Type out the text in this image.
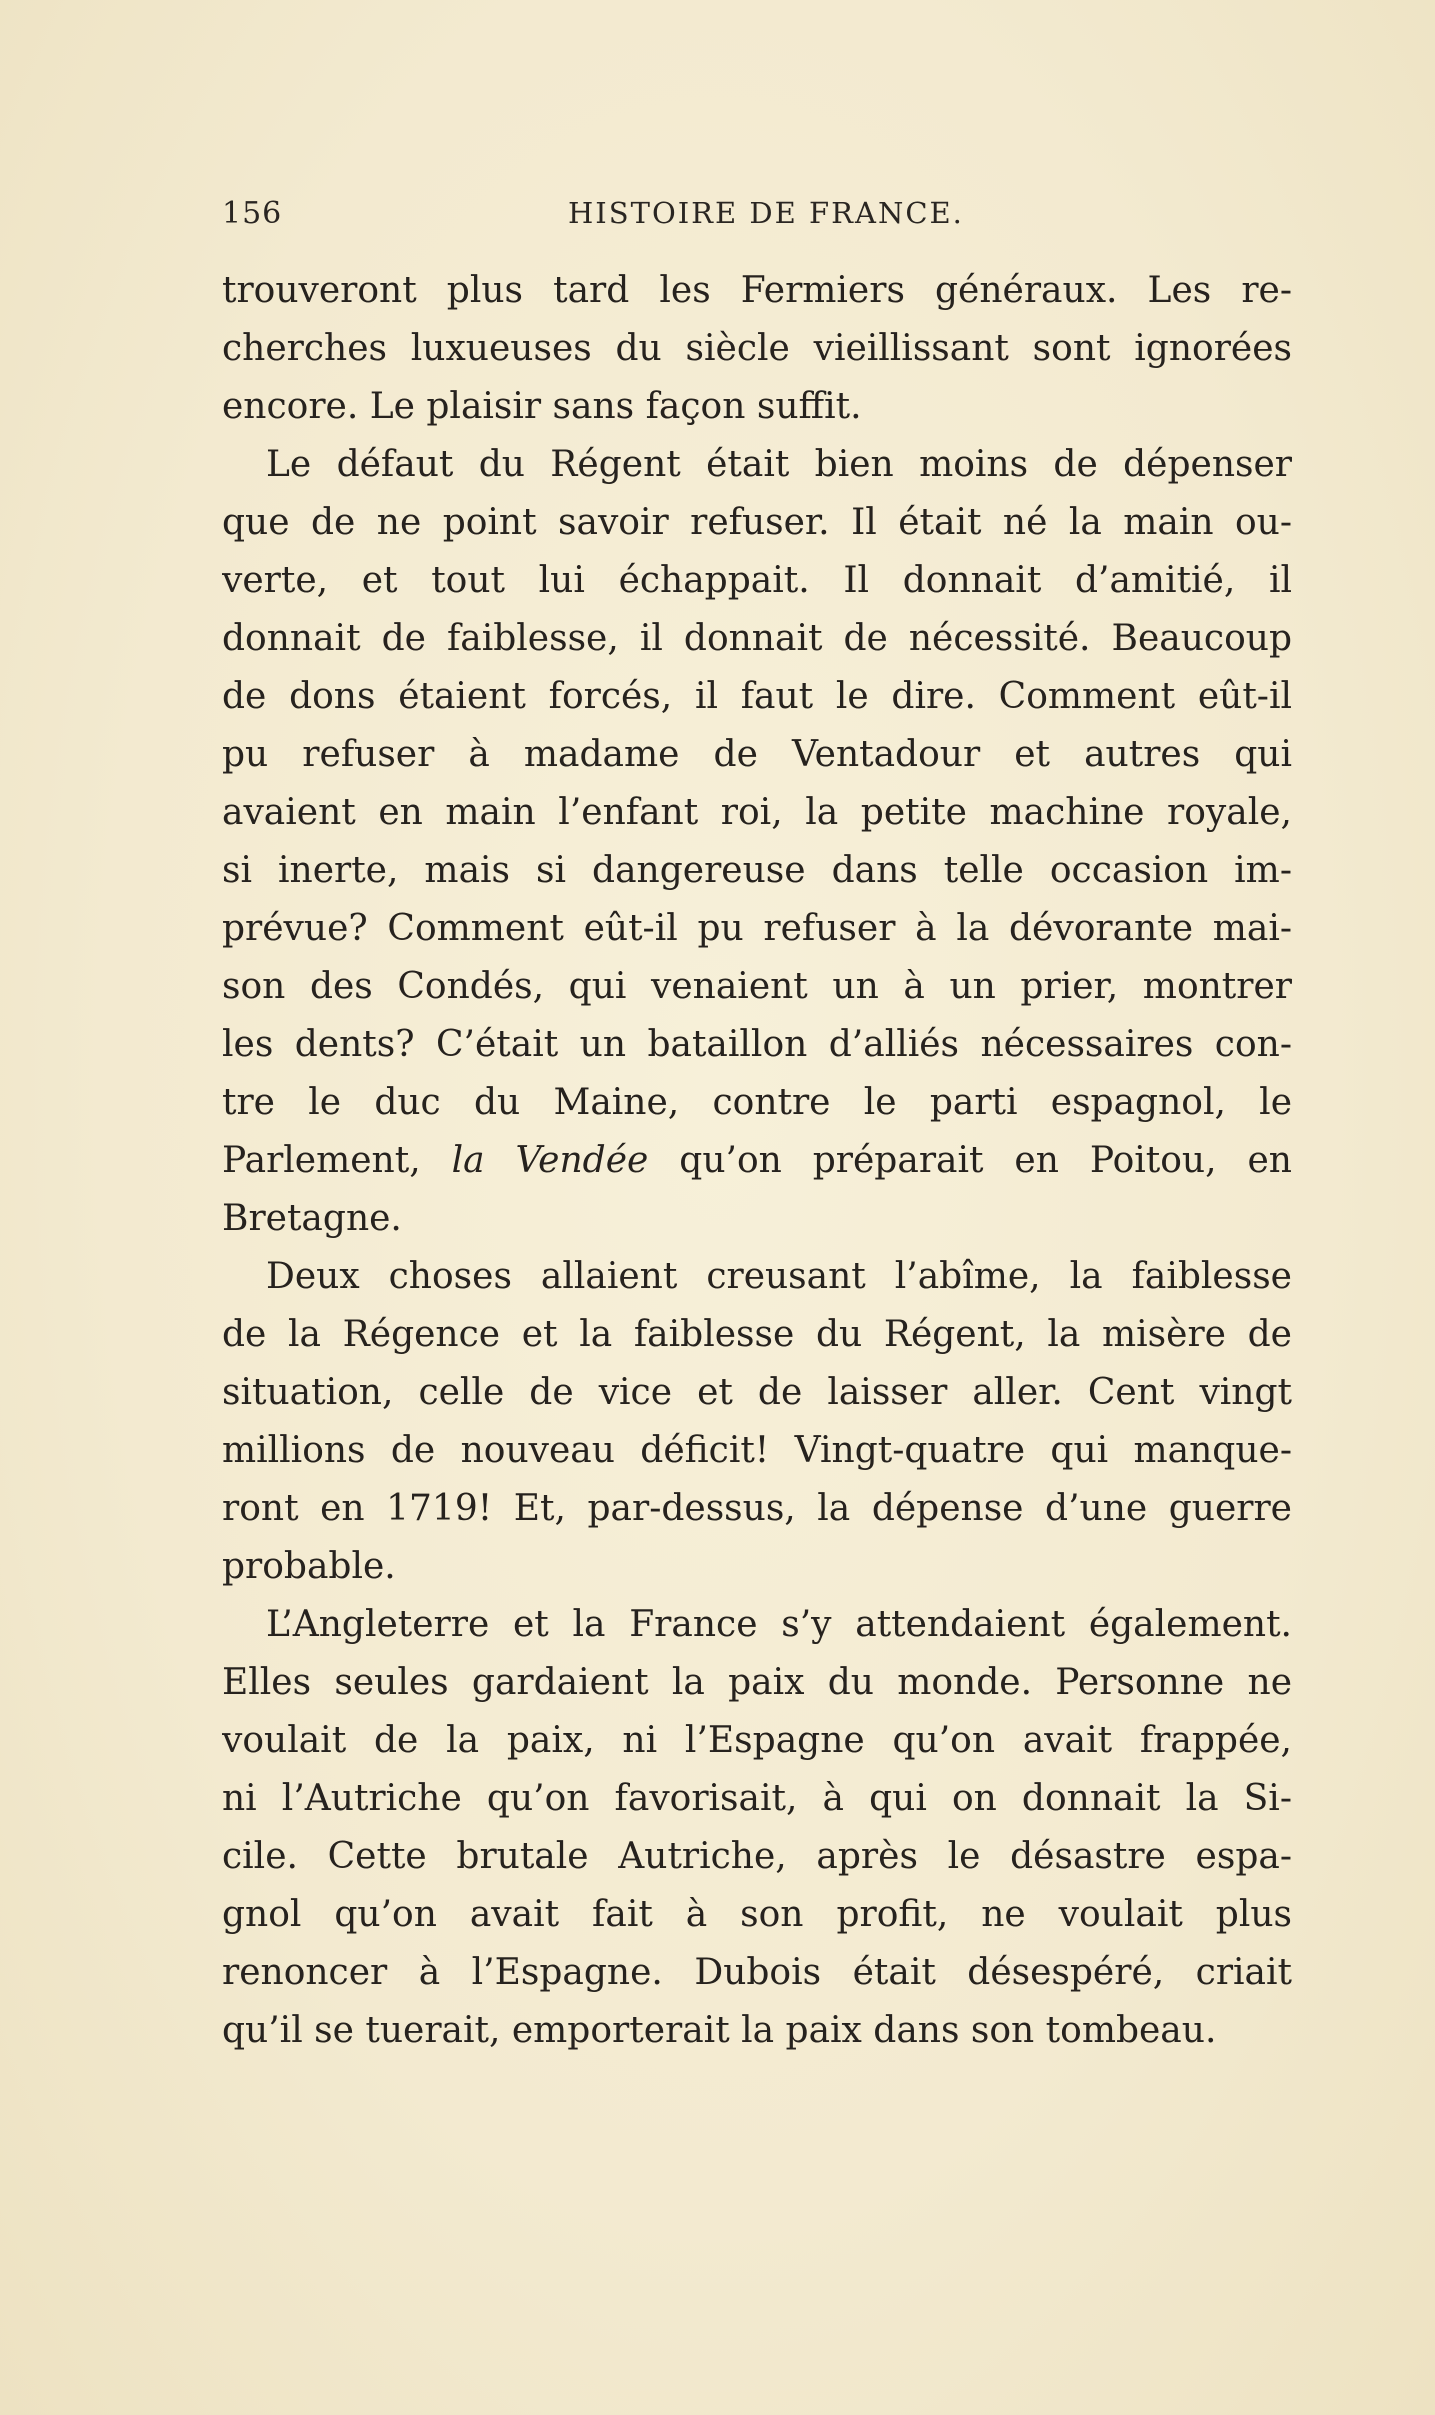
156	HISTOIRE DE FRANCE.
trouveront plus tard les Fermiers généraux. Les re-
cherches luxueuses du siècle vieillissant sont ignorées
encore. Le plaisir sans façon suffit.
Le défaut du Régent était bien moins de dépenser
que de ne point savoir refuser. Il était né la main ou-
verte, et tout lui échappait. Il donnait d’amitié, il
donnait de faiblesse, il donnait de nécessité. Beaucoup
de dons étaient forcés, il faut le dire. Comment eût-il
pu refuser à madame de Ventadour et autres qui
avaient en main l’enfant roi, la petite machine royale,
si inerte, mais si dangereuse dans telle occasion im-
prévue? Comment eût-il pu refuser à la dévorante mai-
son des Condés, qui venaient un à un prier, montrer
les dents? C’était un bataillon d’alliés nécessaires con-
tre le duc du Maine, contre le parti espagnol, le
Parlement, la Vendée qu’on préparait en Poitou, en
Bretagne.
Deux choses allaient creusant l’abîme, la faiblesse
de la Régence et la faiblesse du Régent, la misère de
situation, celle de vice et de laisser aller. Cent vingt
millions de nouveau déficit! Vingt-quatre qui manque-
ront en 1719! Et, par-dessus, la dépense d’une guerre
probable.
L’Angleterre et la France s’y attendaient également.
Elles seules gardaient la paix du monde. Personne ne
voulait de la paix, ni l’Espagne qu’on avait frappée,
ni l’Autriche qu’on favorisait, à qui on donnait la Si-
cile. Cette brutale Autriche, après le désastre espa-
gnol qu’on avait fait à son profit, ne voulait plus
renoncer à l’Espagne. Dubois était désespéré, criait
qu’il se tuerait, emporterait la paix dans son tombeau.
